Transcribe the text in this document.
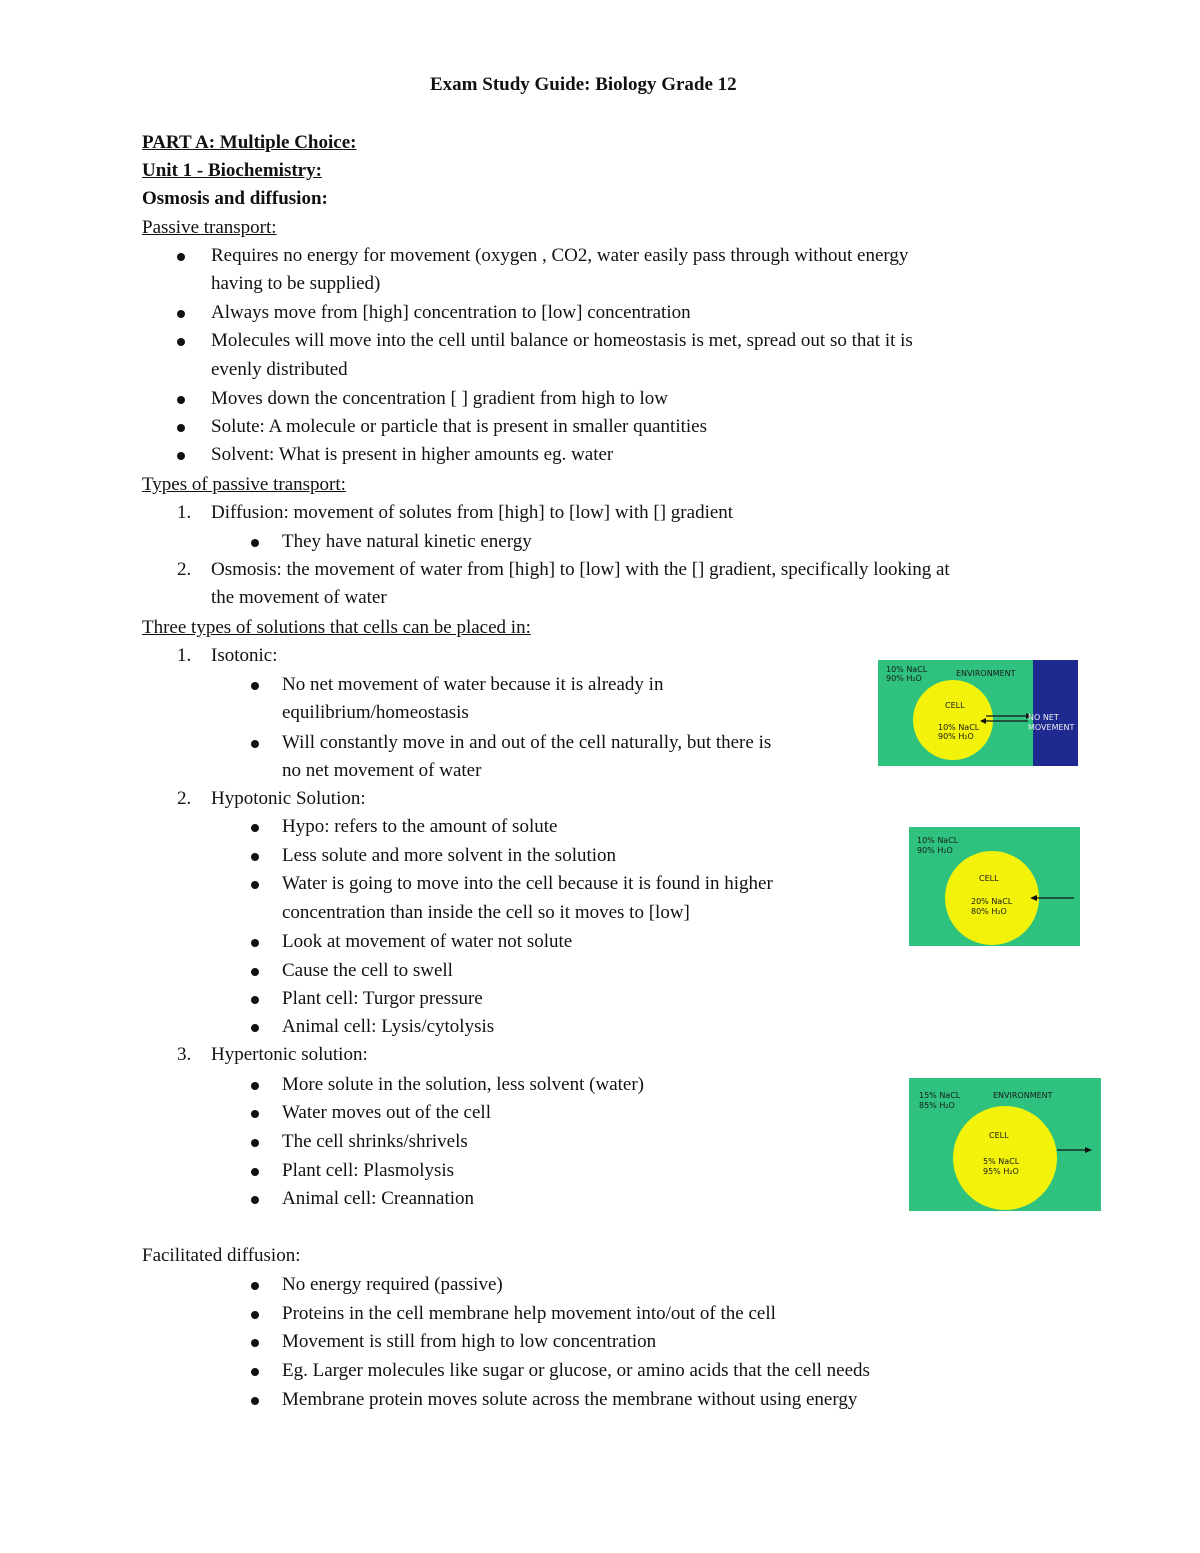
Exam Study Guide: Biology Grade 12
PART A: Multiple Choice:
Unit 1 - Biochemistry:
Osmosis and diffusion:
Passive transport:
Requires no energy for movement (oxygen , CO2, water easily pass through without energy
having to be supplied)
Always move from [high] concentration to [low] concentration
Molecules will move into the cell until balance or homeostasis is met, spread out so that it is
evenly distributed
Moves down the concentration [ ] gradient from high to low
Solute: A molecule or particle that is present in smaller quantities
Solvent: What is present in higher amounts eg. water
Types of passive transport:
1. Diffusion: movement of solutes from [high] to [low] with [] gradient
They have natural kinetic energy
2. Osmosis: the movement of water from [high] to [low] with the [] gradient, specifically looking at
the movement of water
Three types of solutions that cells can be placed in:
1. Isotonic:
No net movement of water because it is already in
equilibrium/homeostasis
Will constantly move in and out of the cell naturally, but there is
no net movement of water
2. Hypotonic Solution:
Hypo: refers to the amount of solute
Less solute and more solvent in the solution
Water is going to move into the cell because it is found in higher
concentration than inside the cell so it moves to [low]
Look at movement of water not solute
Cause the cell to swell
Plant cell: Turgor pressure
Animal cell: Lysis/cytolysis
3. Hypertonic solution:
More solute in the solution, less solvent (water)
Water moves out of the cell
The cell shrinks/shrivels
Plant cell: Plasmolysis
Animal cell: Creannation
Facilitated diffusion:
No energy required (passive)
Proteins in the cell membrane help movement into/out of the cell
Movement is still from high to low concentration
Eg. Larger molecules like sugar or glucose, or amino acids that the cell needs
Membrane protein moves solute across the membrane without using energy
10% NaCL
90% H₂O
ENVIRONMENT
CELL
10% NaCL
90% H₂O
NO NET
MOVEMENT
10% NaCL
90% H₂O
CELL
20% NaCL
80% H₂O
15% NaCL
85% H₂O
ENVIRONMENT
CELL
5% NaCL
95% H₂O
